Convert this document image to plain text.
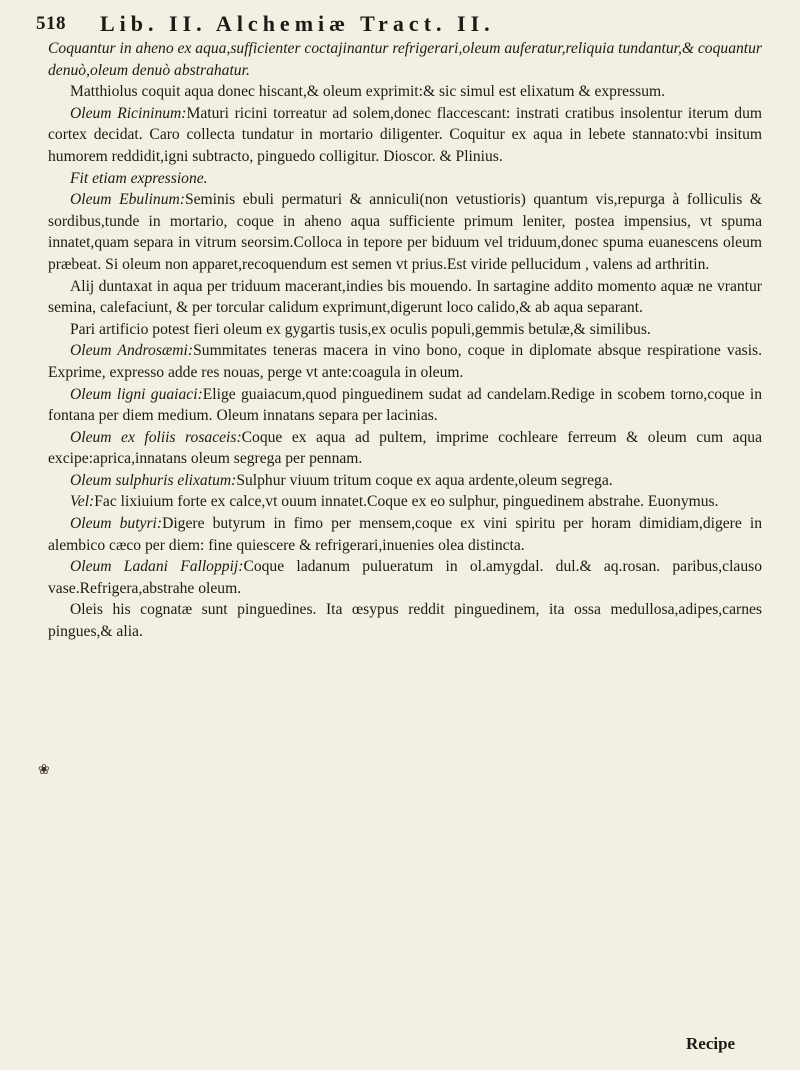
518 Lib. II. Alchemiæ Tract. II.

Coquantur in aheno ex aqua,sufficienter coctajinantur refrigerari,oleum auferatur,reliquia tundantur,& coquantur denuò,oleum denuò abstrahatur.

Matthiolus coquit aqua donec hiscant,& oleum exprimit:& sic simul est elixatum & expressum.

Oleum Ricininum:Maturi ricini torreatur ad solem,donec flaccescant: instrati cratibus insolentur iterum dum cortex decidat. Caro collecta tundatur in mortario diligenter. Coquitur ex aqua in lebete stannato:vbi insitum humorem reddidit,igni subtracto, pinguedo colligitur. Dioscor. & Plinius.

Fit etiam expressione.

Oleum Ebulinum:Seminis ebuli permaturi & anniculi(non vetustioris) quantum vis,repurga à folliculis & sordibus,tunde in mortario, coque in aheno aqua sufficiente primum leniter, postea impensius, vt spuma innatet,quam separa in vitrum seorsim.Colloca in tepore per biduum vel triduum,donec spuma euanescens oleum præbeat. Si oleum non apparet,recoquendum est semen vt prius.Est viride pellucidum , valens ad arthritin.

Alij duntaxat in aqua per triduum macerant,indies bis mouendo. In sartagine addito momento aquæ ne vrantur semina, calefaciunt, & per torcular calidum exprimunt,digerunt loco calido,& ab aqua separant.

Pari artificio potest fieri oleum ex gygartis tusis,ex oculis populi,gemmis betulæ,& similibus.

Oleum Androsæmi:Summitates teneras macera in vino bono, coque in diplomate absque respiratione vasis. Exprime, expresso adde res nouas, perge vt ante:coagula in oleum.

Oleum ligni guaiaci:Elige guaiacum,quod pinguedinem sudat ad candelam.Redige in scobem torno,coque in fontana per diem medium. Oleum innatans separa per lacinias.

Oleum ex foliis rosaceis:Coque ex aqua ad pultem, imprime cochleare ferreum & oleum cum aqua excipe:aprica,innatans oleum segrega per pennam.

Oleum sulphuris elixatum:Sulphur viuum tritum coque ex aqua ardente,oleum segrega.

Vel:Fac lixiuium forte ex calce,vt ouum innatet.Coque ex eo sulphur, pinguedinem abstrahe. Euonymus.

Oleum butyri:Digere butyrum in fimo per mensem,coque ex vini spiritu per horam dimidiam,digere in alembico cæco per diem: fine quiescere & refrigerari,inuenies olea distincta.

Oleum Ladani Falloppij:Coque ladanum pulueratum in ol.amygdal. dul.& aq.rosan. paribus,clauso vase.Refrigera,abstrahe oleum.

Oleis his cognatæ sunt pinguedines. Ita œsypus reddit pinguedinem, ita ossa medullosa,adipes,carnes pingues,& alia.

❀
Recipe
